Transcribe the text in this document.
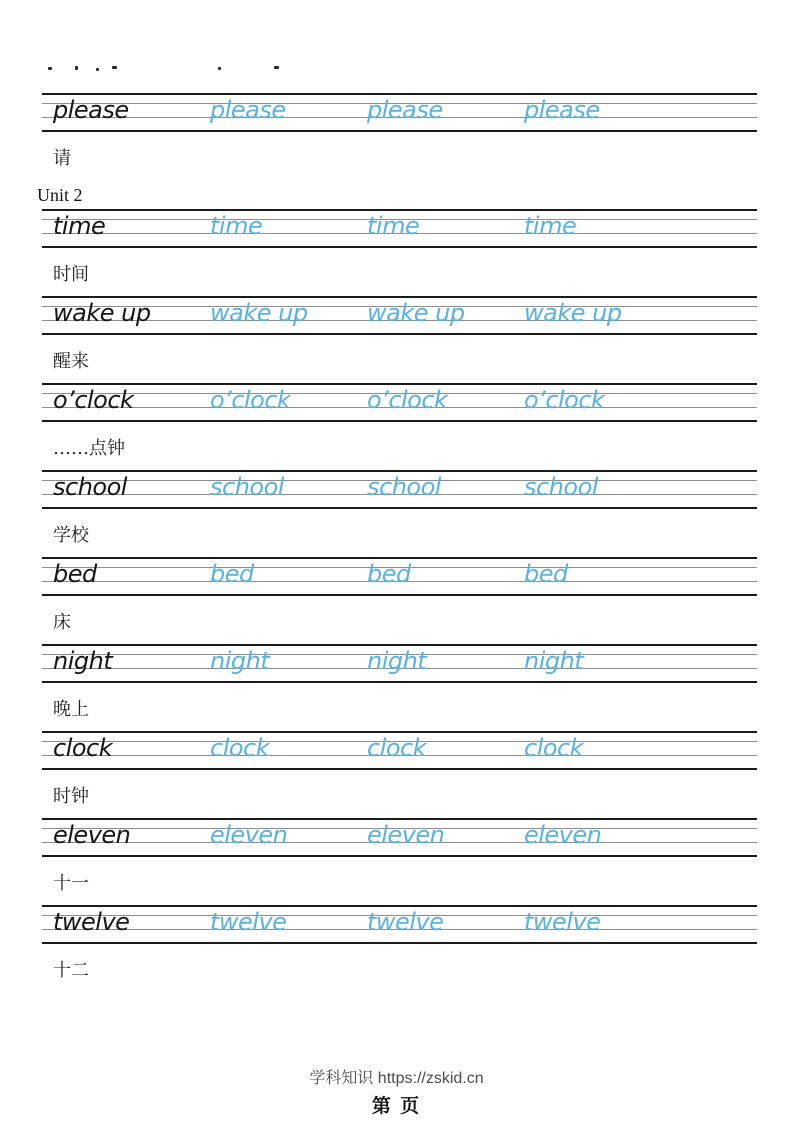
please	please	please	please
请
Unit 2
time	time	time	time
时间
wake up	wake up	wake up	wake up
醒来
o’clock	o’clock	o’clock	o’clock
……点钟
school	school	school	school
学校
bed	bed	bed	bed
床
night	night	night	night
晚上
clock	clock	clock	clock
时钟
eleven	eleven	eleven	eleven
十一
twelve	twelve	twelve	twelve
十二
学科知识 https://zskid.cn
第 页
